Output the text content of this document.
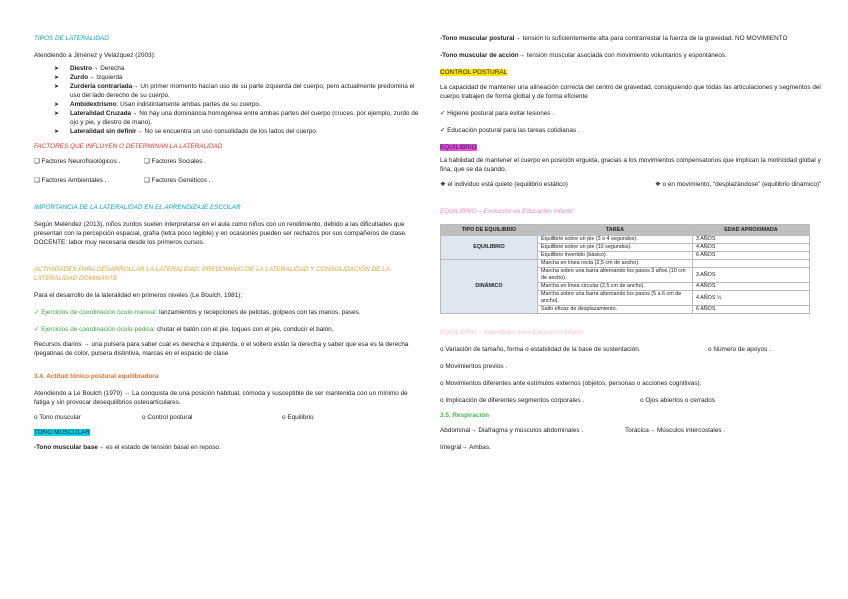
TIPOS DE LATERALIDAD

Atendiendo a Jiménez y Velázquez (2003):

➤ Diestro→ Derecha
➤ Zurdo→ Izquierda
➤ Zurdería contrariada→ Un primer momento hacían uso de su parte izquierda del cuerpo, pero actualmente predomina el uso del lado derecho de su cuerpo.
➤ Ambidextrismo: Usan indistintamente ambas partes de su cuerpo.
➤ Lateralidad Cruzada→ No hay una dominancia homogénea entre ambas partes del cuerpo (cruces, por ejemplo, zurdo de ojo y pie, y diestro de mano).
➤ Lateralidad sin definir→ No se encuentra un uso consolidado de los lados del cuerpo.

FACTORES QUE INFLUYEN O DETERMINAN LA LATERALIDAD

❑ Factores Neurofisiológicos .	❑ Factores Sociales .
❑ Factores Ambientales .	❑ Factores Genéticos .

IMPORTANCIA DE LA LATERALIDAD EN EL APRENDIZAJE ESCOLAR

Según Meléndez (2013), niños zurdos suelen interpretarse en el aula como niños con un rendimiento, debido a las dificultades que presentan con la percepción espacial, grafía (letra poco legible) y en ocasiones pueden ser rechazos por sus compañeros de clase. DOCENTE: labor muy necesaria desde los primeros cursos.

ACTIVIDADES PARA DESARROLLAR LA LATERALIDAD: PREDOMINIO DE LA LATERALIDAD Y CONSOLIDACIÓN DE LA LATERALIDAD DOMINANTE

Para el desarrollo de la lateralidad en primeros niveles (Le Boulch, 1981):

✓ Ejercicios de coordinación óculo-manual: lanzamientos y recepciones de pelotas, golpeos con las manos, pases.

✓ Ejercicios de coordinación óculo-pédica: chutar el balón con el pie, toques con el pie, conducir el balón.

Recursos diarios → una pulsera para saber cuál es derecha e izquierda, o el soltero están la derecha y saber que esa es la derecha /pegatinas de color, pulsera distintiva, marcas en el espacio de clase

3.4. Actitud tónico postural equilibradora

Atendiendo a Le Boulch (1979) → La conquista de una posición habitual, cómoda y susceptible de ser mantenida con un mínimo de fatiga y sin provocar desequilibrios osteoarticulares.

o Tono muscular	o Control postural	o Equilibrio

TONO MUSCULAR

-Tono muscular base→ es el estado de tensión basal en reposo.

-Tono muscular postural→ tensión lo suficientemente alta para contrarrestar la fuerza de la gravedad. NO MOVIMIENTO

-Tono muscular de acción→ tensión muscular asociada con movimiento voluntarios y espontáneos.

CONTROL POSTURAL

La capacidad de mantener una alineación correcta del centro de gravedad, consiguiendo que todas las articulaciones y segmentos del cuerpo trabajen de forma global y de forma eficiente

✓ Higiene postural para evitar lesiones .

✓ Educación postural para las tareas cotidianas .

EQUILIBRIO

La habilidad de mantener el cuerpo en posición erguida, gracias a los movimientos compensatorios que implican la motricidad global y fina, que se da cuando.

❖ el individuo está quieto (equilibrio estático)	❖ o en movimiento, “desplazándose” (equilibrio dinámico)”

EQUILIBRIO – Evolución en Educación Infantil

TIPO DE EQUILIBRIO	TAREA	EDAD APROXIMADA
EQUILIBRIO	Equilibrio sobre un pie (3 o 4 segundos).	3 AÑOS
	Equilibrio sobre un pie (10 segundos).	4 AÑOS
	Equilibrio invertido (básico).	6 AÑOS
DINÁMICO	Marcha en línea recta (2,5 cm de ancho).	
	Marcha sobre una barra alternando los pasos 3 años (10 cm de ancho).	3 AÑOS
	Marcha en línea circular (2,5 cm de ancho).	4 AÑOS
	Marcha sobre una barra alternando los pasos (5 a 6 cm de ancho).	4 AÑOS ½
	Salto eficaz de desplazamiento.	6 AÑOS

EQUILIBRIO – Actividades para Educación Infantil

o Variación de tamaño, forma o estabilidad de la base de sustentación.	o Número de apoyos .

o Movimientos previos .

o Movimientos diferentes ante estímulos externos (objetos, personas o acciones cognitivas).

o Implicación de diferentes segmentos corporales .	o Ojos abiertos o cerrados

3.5. Respiración

Abdominal→ Diafragma y músculos abdominales .	Torácica→ Músculos intercostales .

Integral→ Ambas.
